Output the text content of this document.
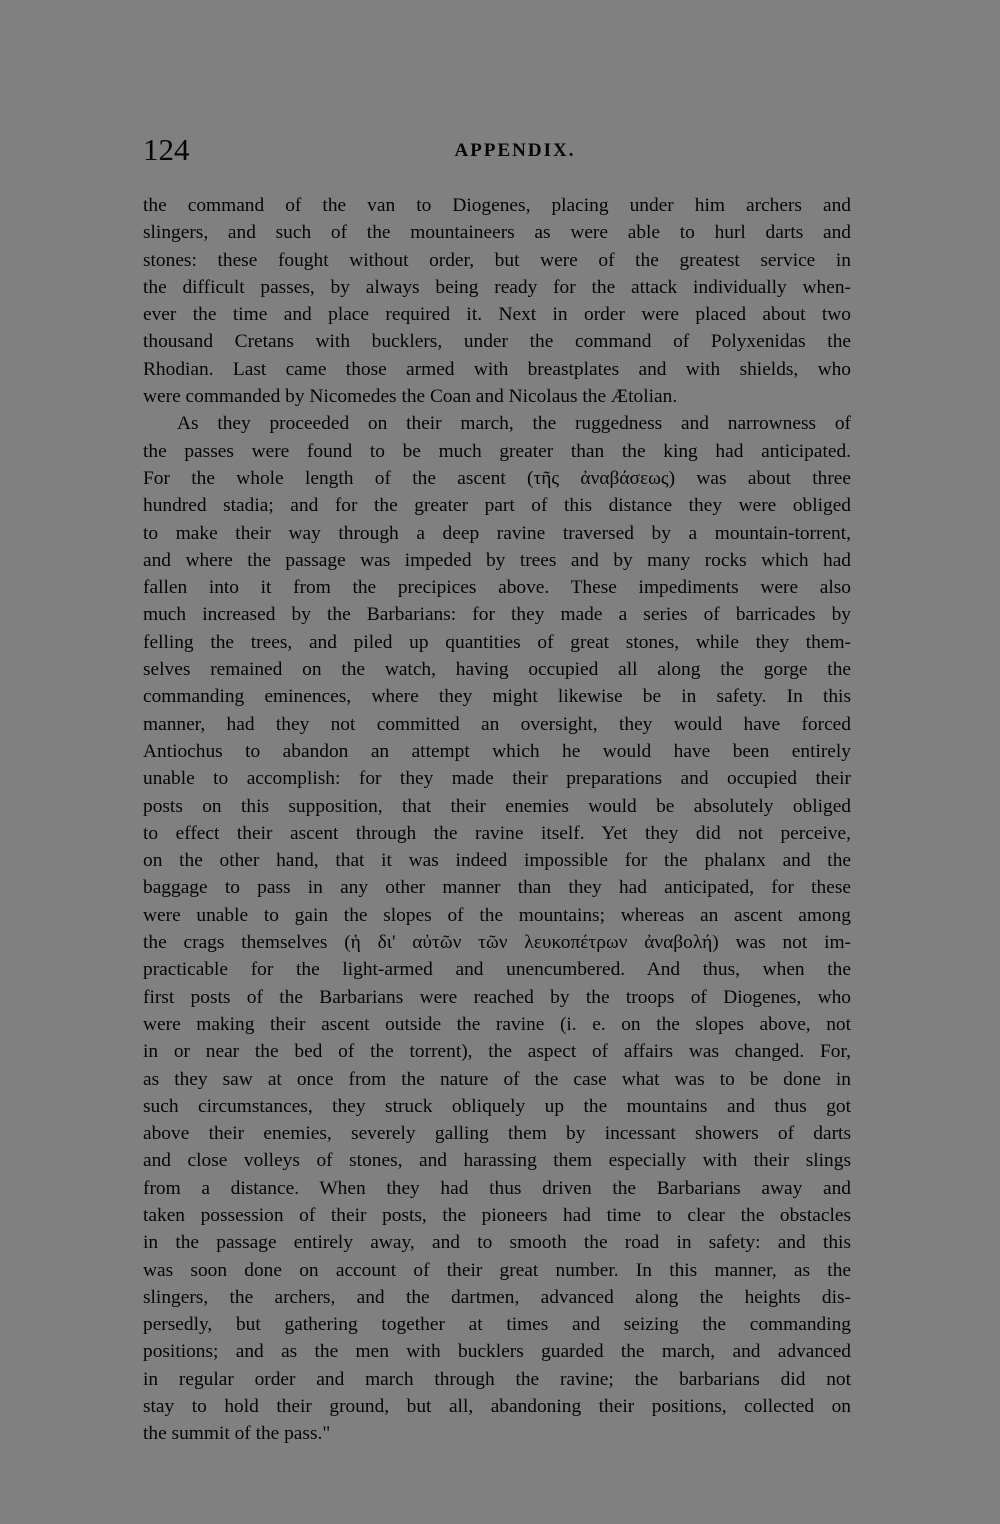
124	APPENDIX.
the command of the van to Diogenes, placing under him archers and
slingers, and such of the mountaineers as were able to hurl darts and
stones: these fought without order, but were of the greatest service in
the difficult passes, by always being ready for the attack individually when-
ever the time and place required it. Next in order were placed about two
thousand Cretans with bucklers, under the command of Polyxenidas the
Rhodian. Last came those armed with breastplates and with shields, who
were commanded by Nicomedes the Coan and Nicolaus the Ætolian.
As they proceeded on their march, the ruggedness and narrowness of
the passes were found to be much greater than the king had anticipated.
For the whole length of the ascent (τῆς ἀναβάσεως) was about three
hundred stadia; and for the greater part of this distance they were obliged
to make their way through a deep ravine traversed by a mountain-torrent,
and where the passage was impeded by trees and by many rocks which had
fallen into it from the precipices above. These impediments were also
much increased by the Barbarians: for they made a series of barricades by
felling the trees, and piled up quantities of great stones, while they them-
selves remained on the watch, having occupied all along the gorge the
commanding eminences, where they might likewise be in safety. In this
manner, had they not committed an oversight, they would have forced
Antiochus to abandon an attempt which he would have been entirely
unable to accomplish: for they made their preparations and occupied their
posts on this supposition, that their enemies would be absolutely obliged
to effect their ascent through the ravine itself. Yet they did not perceive,
on the other hand, that it was indeed impossible for the phalanx and the
baggage to pass in any other manner than they had anticipated, for these
were unable to gain the slopes of the mountains; whereas an ascent among
the crags themselves (ἡ δι' αὐτῶν τῶν λευκοπέτρων ἀναβολή) was not im-
practicable for the light-armed and unencumbered. And thus, when the
first posts of the Barbarians were reached by the troops of Diogenes, who
were making their ascent outside the ravine (i. e. on the slopes above, not
in or near the bed of the torrent), the aspect of affairs was changed. For,
as they saw at once from the nature of the case what was to be done in
such circumstances, they struck obliquely up the mountains and thus got
above their enemies, severely galling them by incessant showers of darts
and close volleys of stones, and harassing them especially with their slings
from a distance. When they had thus driven the Barbarians away and
taken possession of their posts, the pioneers had time to clear the obstacles
in the passage entirely away, and to smooth the road in safety: and this
was soon done on account of their great number. In this manner, as the
slingers, the archers, and the dartmen, advanced along the heights dis-
persedly, but gathering together at times and seizing the commanding
positions; and as the men with bucklers guarded the march, and advanced
in regular order and march through the ravine; the barbarians did not
stay to hold their ground, but all, abandoning their positions, collected on
the summit of the pass."
